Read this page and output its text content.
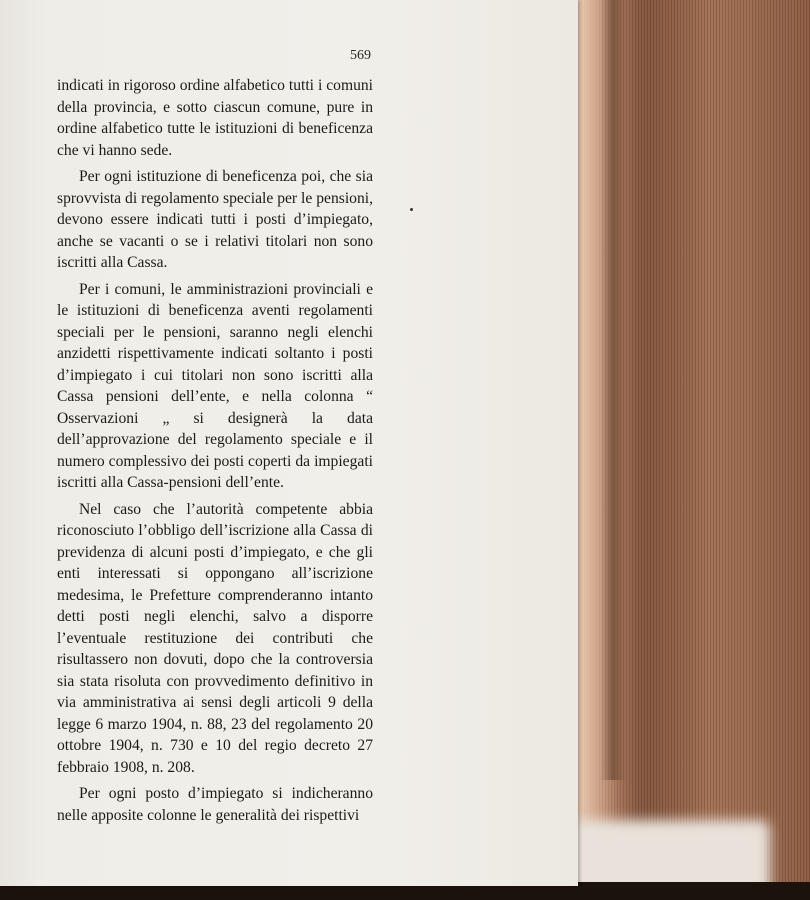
569

indicati in rigoroso ordine alfabetico tutti i comuni della provincia, e sotto ciascun comune, pure in ordine alfabetico tutte le istituzioni di beneficenza che vi hanno sede.

Per ogni istituzione di beneficenza poi, che sia sprovvista di regolamento speciale per le pensioni, devono essere indicati tutti i posti d’impiegato, anche se vacanti o se i relativi titolari non sono iscritti alla Cassa.

Per i comuni, le amministrazioni provinciali e le istituzioni di beneficenza aventi regolamenti speciali per le pensioni, saranno negli elenchi anzidetti rispettivamente indicati soltanto i posti d’impiegato i cui titolari non sono iscritti alla Cassa pensioni dell’ente, e nella colonna “ Osservazioni „ si designerà la data dell’approvazione del regolamento speciale e il numero complessivo dei posti coperti da impiegati iscritti alla Cassa-pensioni dell’ente.

Nel caso che l’autorità competente abbia riconosciuto l’obbligo dell’iscrizione alla Cassa di previdenza di alcuni posti d’impiegato, e che gli enti interessati si oppongano all’iscrizione medesima, le Prefetture comprenderanno intanto detti posti negli elenchi, salvo a disporre l’eventuale restituzione dei contributi che risultassero non dovuti, dopo che la controversia sia stata risoluta con provvedimento definitivo in via amministrativa ai sensi degli articoli 9 della legge 6 marzo 1904, n. 88, 23 del regolamento 20 ottobre 1904, n. 730 e 10 del regio decreto 27 febbraio 1908, n. 208.

Per ogni posto d’impiegato si indicheranno nelle apposite colonne le generalità dei rispettivi
